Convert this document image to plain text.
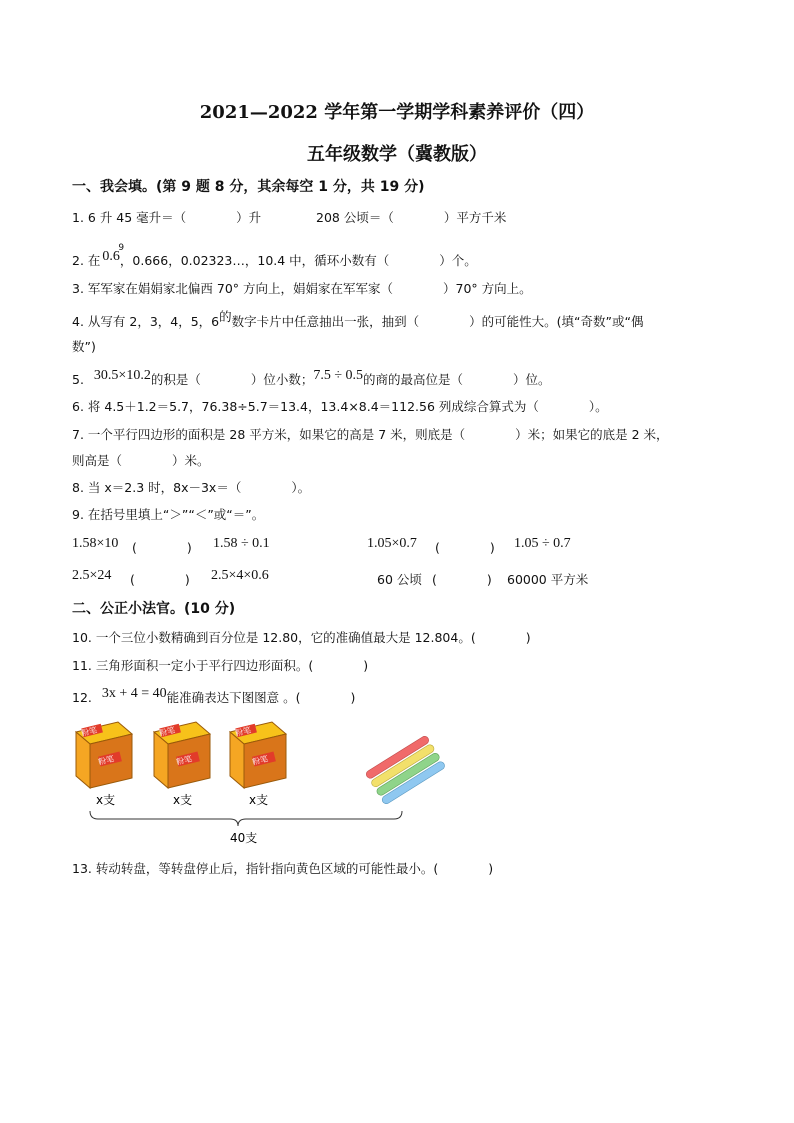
2021—2022 学年第一学期学科素养评价（四）
五年级数学（冀教版）
一、我会填。(第 9 题 8 分，其余每空 1 分，共 19 分)
1. 6 升 45 毫升＝（　　　　）升	208 公顷＝（　　　　）平方千米
2. 在
9
0.6，0.666，0.02323…，10.4 中，循环小数有（　　　　）个。
3. 军军家在娟娟家北偏西 70° 方向上，娟娟家在军军家（　　　　）70° 方向上。
4. 从写有 2，3，4，5，6的数字卡片中任意抽出一张，抽到（　　　　）的可能性大。(填“奇数”或“偶
数”)
5. 30.5×10.2的积是（　　　　）位小数；7.5 ÷ 0.5的商的最高位是（　　　　）位。
6. 将 4.5＋1.2＝5.7，76.38÷5.7＝13.4，13.4×8.4＝112.56 列成综合算式为（　　　　）。
7. 一个平行四边形的面积是 28 平方米，如果它的高是 7 米，则底是（　　　　）米；如果它的底是 2 米，
则高是（　　　　）米。
8. 当 x＝2.3 时，8x－3x＝（　　　　）。
9. 在括号里填上“＞”“＜”或“＝”。
1.58×10 (　　　　) 1.58 ÷ 0.1	1.05×0.7 (　　　　) 1.05 ÷ 0.7
2.5×24 (　　　　) 2.5×4×0.6	60 公顷 (　　　　) 60000 平方米
二、公正小法官。(10 分)
10. 一个三位小数精确到百分位是 12.80，它的准确值最大是 12.804。(　　　　)
11. 三角形面积一定小于平行四边形面积。(　　　　)
12. 3x + 4 = 40能准确表达下图图意 。(　　　　)
粉笔
粉笔
粉笔
粉笔
粉笔
粉笔
x支	x支	x支
40支
13. 转动转盘，等转盘停止后，指针指向黄色区域的可能性最小。(　　　　)
